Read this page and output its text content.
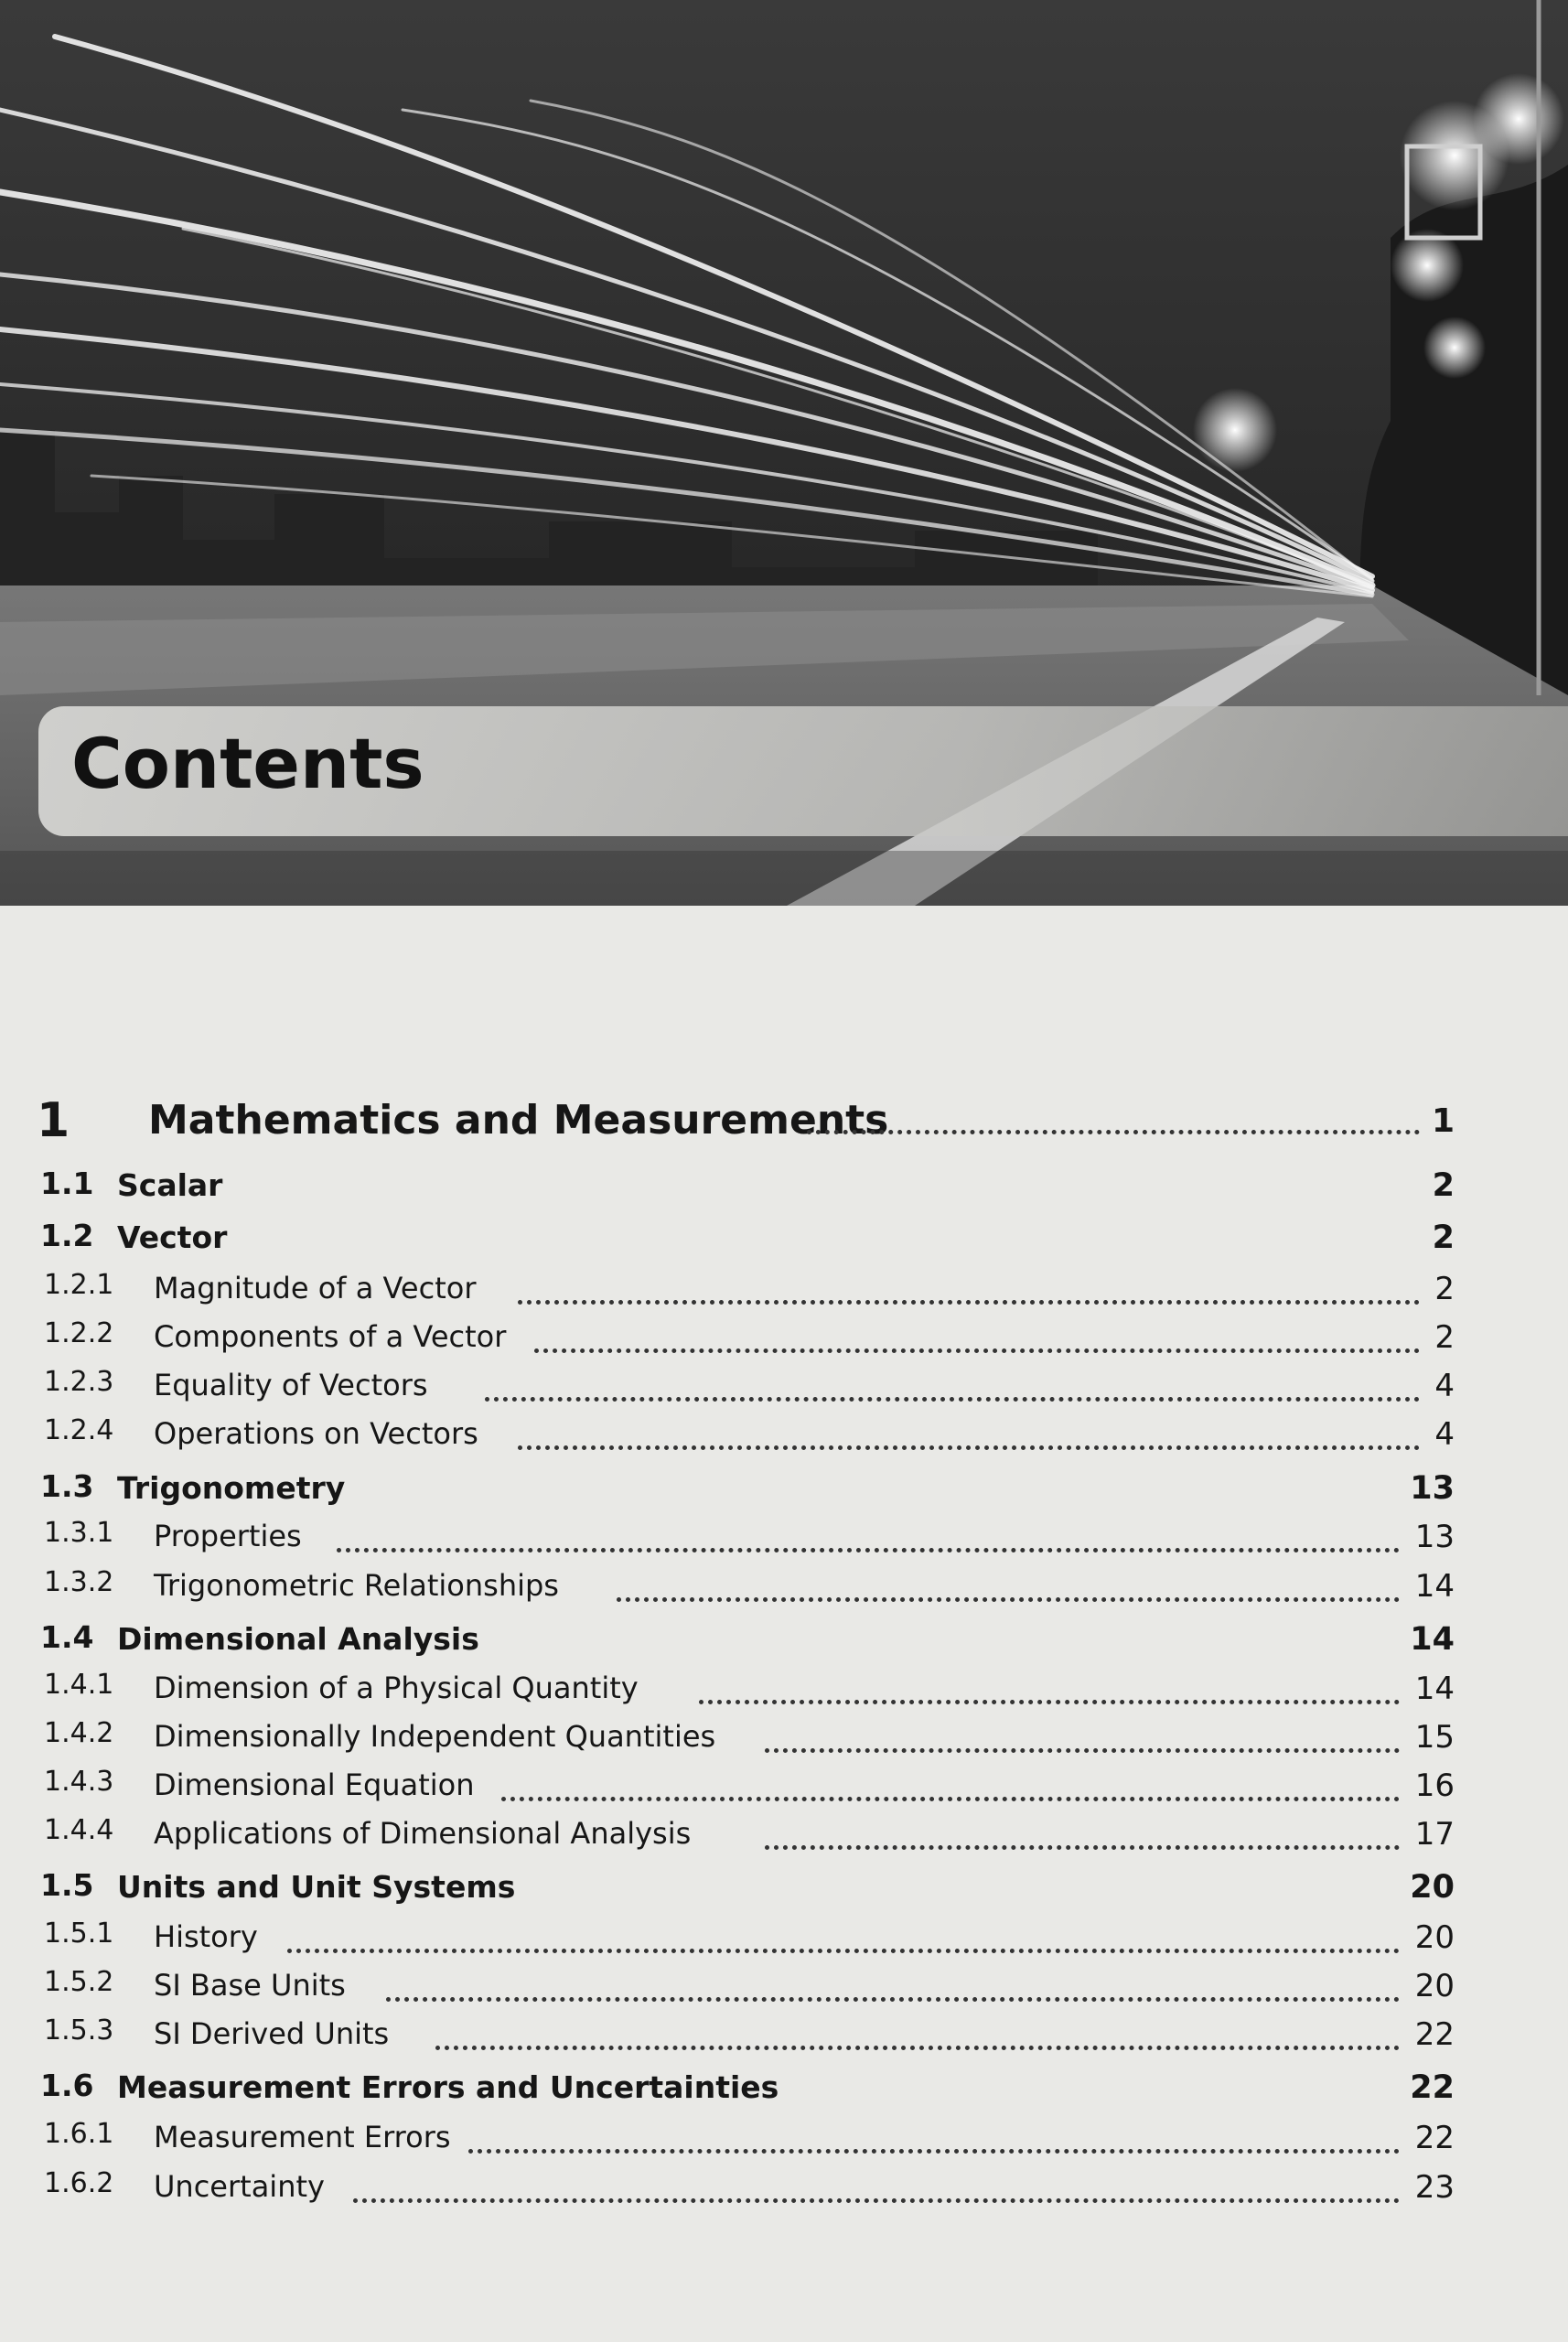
Contents
1 Mathematics and Measurements	1
1.1 Scalar	2
1.2 Vector	2
1.2.1 Magnitude of a Vector	2
1.2.2 Components of a Vector	2
1.2.3 Equality of Vectors	4
1.2.4 Operations on Vectors	4
1.3 Trigonometry	13
1.3.1 Properties	13
1.3.2 Trigonometric Relationships	14
1.4 Dimensional Analysis	14
1.4.1 Dimension of a Physical Quantity	14
1.4.2 Dimensionally Independent Quantities	15
1.4.3 Dimensional Equation	16
1.4.4 Applications of Dimensional Analysis	17
1.5 Units and Unit Systems	20
1.5.1 History	20
1.5.2 SI Base Units	20
1.5.3 SI Derived Units	22
1.6 Measurement Errors and Uncertainties	22
1.6.1 Measurement Errors	22
1.6.2 Uncertainty	23
